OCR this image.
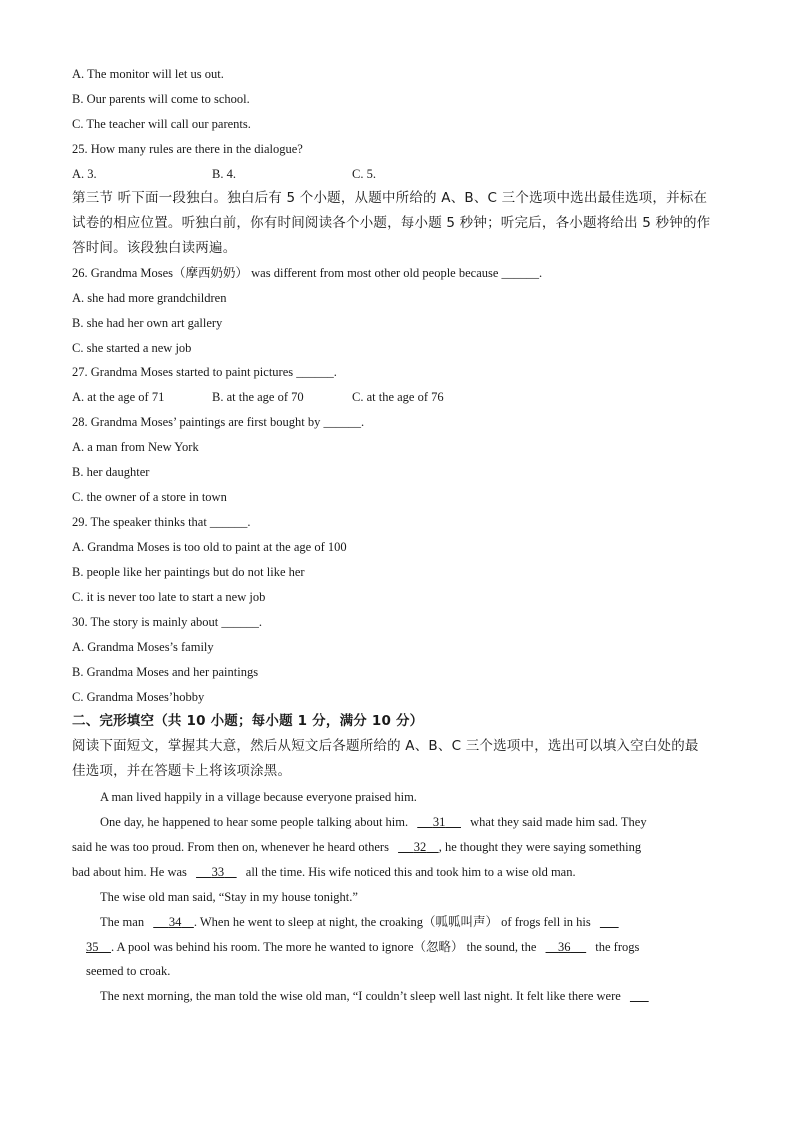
A. The monitor will let us out.
B. Our parents will come to school.
C. The teacher will call our parents.
25. How many rules are there in the dialogue?
A. 3.	B. 4.	C. 5.
第三节 听下面一段独白。独白后有 5 个小题，从题中所给的 A、B、C 三个选项中选出最佳选项，并标在
试卷的相应位置。听独白前，你有时间阅读各个小题，每小题 5 秒钟；听完后，各小题将给出 5 秒钟的作
答时间。该段独白读两遍。
26. Grandma Moses（摩西奶奶） was different from most other old people because ______.
A. she had more grandchildren
B. she had her own art gallery
C. she started a new job
27. Grandma Moses started to paint pictures ______.
A. at the age of 71	B. at the age of 70	C. at the age of 76
28. Grandma Moses’ paintings are first bought by ______.
A. a man from New York
B. her daughter
C. the owner of a store in town
29. The speaker thinks that ______.
A. Grandma Moses is too old to paint at the age of 100
B. people like her paintings but do not like her
C. it is never too late to start a new job
30. The story is mainly about ______.
A. Grandma Moses’s family
B. Grandma Moses and her paintings
C. Grandma Moses’hobby
二、完形填空（共 10 小题；每小题 1 分，满分 10 分）
阅读下面短文，掌握其大意，然后从短文后各题所给的 A、B、C 三个选项中，选出可以填入空白处的最
佳选项，并在答题卡上将该项涂黑。
A man lived happily in a village because everyone praised him.
One day, he happened to hear some people talking about him. 31 what they said made him sad. They
said he was too proud. From then on, whenever he heard others 32 , he thought they were saying something
bad about him. He was 33 all the time. His wife noticed this and took him to a wise old man.
The wise old man said, “Stay in my house tonight.”
The man 34 . When he went to sleep at night, the croaking（呱呱叫声） of frogs fell in his
35 . A pool was behind his room. The more he wanted to ignore（忽略） the sound, the 36 the frogs
seemed to croak.
The next morning, the man told the wise old man, “I couldn’t sleep well last night. It felt like there were
